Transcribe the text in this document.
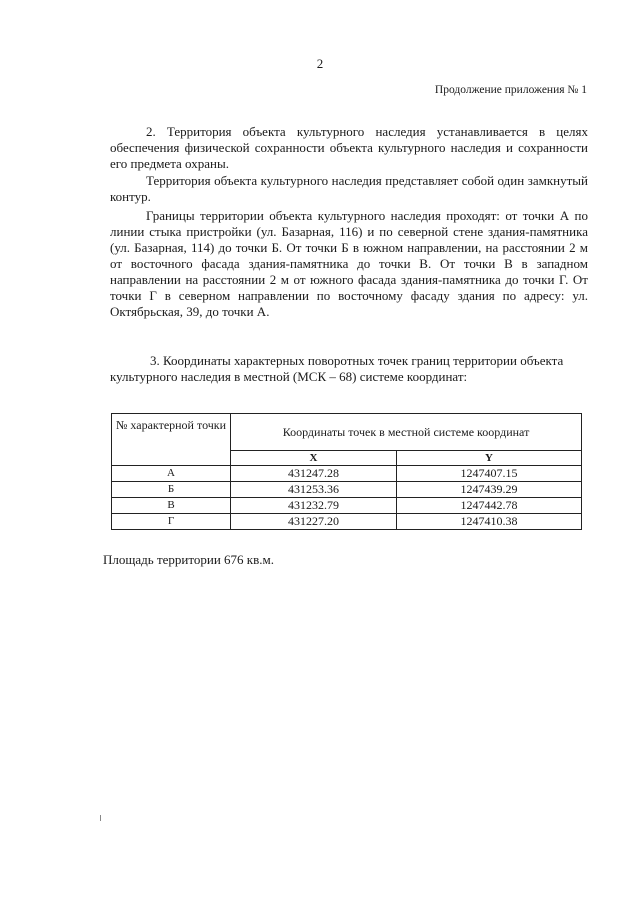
2
Продолжение приложения № 1

2. Территория объекта культурного наследия устанавливается в целях обеспечения физической сохранности объекта культурного наследия и сохранности его предмета охраны.

Территория объекта культурного наследия представляет собой один замкнутый контур.

Границы территории объекта культурного наследия проходят: от точки А по линии стыка пристройки (ул. Базарная, 116) и по северной стене здания-памятника (ул. Базарная, 114) до точки Б. От точки Б в южном направлении, на расстоянии 2 м от восточного фасада здания-памятника до точки В. От точки В в западном направлении на расстоянии 2 м от южного фасада здания-памятника до точки Г. От точки Г в северном направлении по восточному фасаду здания по адресу: ул. Октябрьская, 39, до точки А.

3. Координаты характерных поворотных точек границ территории объекта культурного наследия в местной (МСК – 68) системе координат:

№ характерной точки	Координаты точек в местной системе координат	
	X	Y
А	431247.28	1247407.15
Б	431253.36	1247439.29
В	431232.79	1247442.78
Г	431227.20	1247410.38
Площадь территории 676 кв.м.
